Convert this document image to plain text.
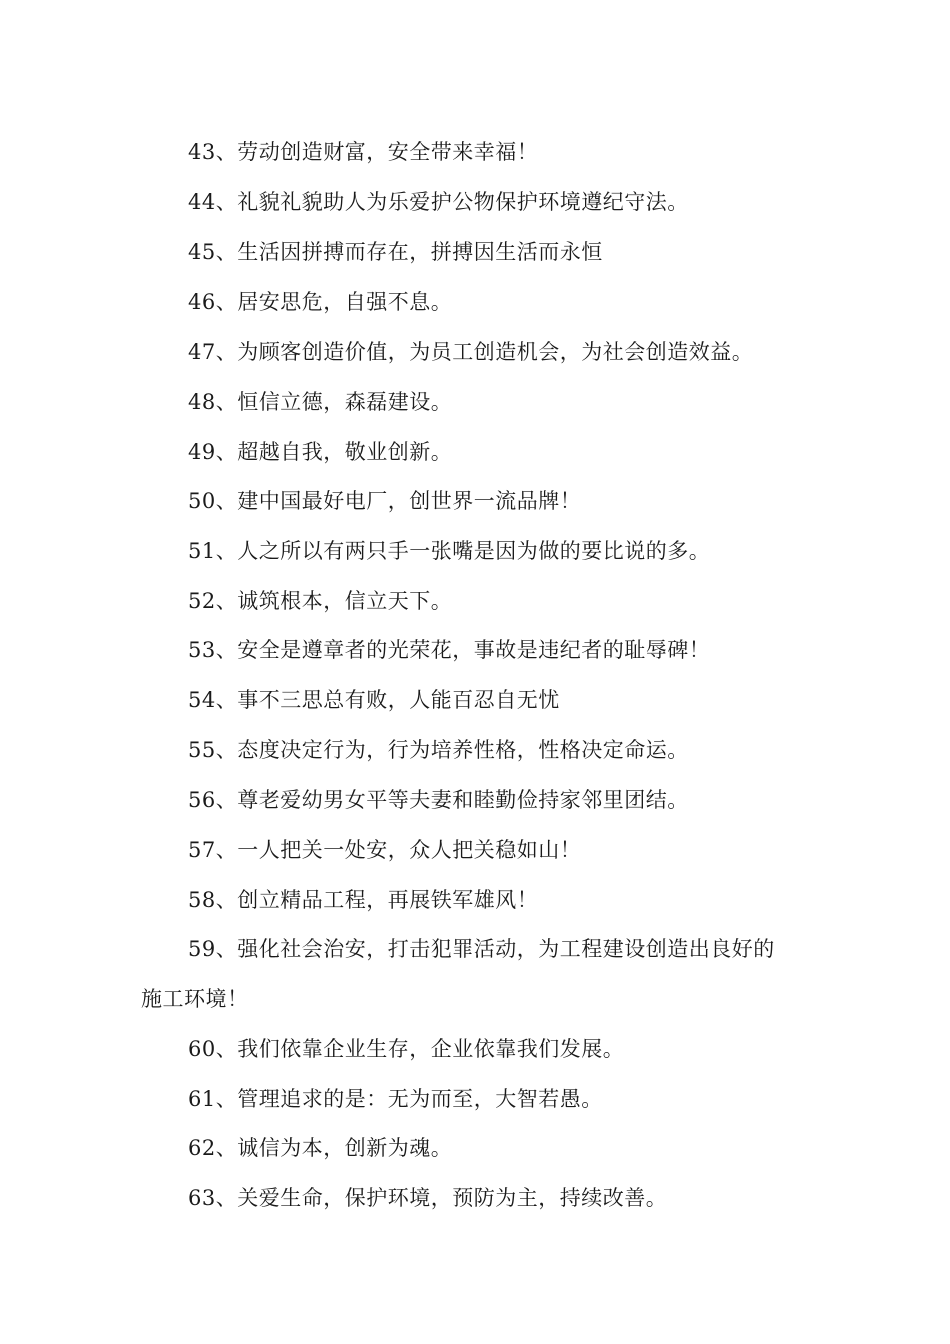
43、劳动创造财富，安全带来幸福！
44、礼貌礼貌助人为乐爱护公物保护环境遵纪守法。
45、生活因拼搏而存在，拼搏因生活而永恒
46、居安思危，自强不息。
47、为顾客创造价值，为员工创造机会，为社会创造效益。
48、恒信立德，森磊建设。
49、超越自我，敬业创新。
50、建中国最好电厂，创世界一流品牌！
51、人之所以有两只手一张嘴是因为做的要比说的多。
52、诚筑根本，信立天下。
53、安全是遵章者的光荣花，事故是违纪者的耻辱碑！
54、事不三思总有败，人能百忍自无忧
55、态度决定行为，行为培养性格，性格决定命运。
56、尊老爱幼男女平等夫妻和睦勤俭持家邻里团结。
57、一人把关一处安，众人把关稳如山！
58、创立精品工程，再展铁军雄风！
59、强化社会治安，打击犯罪活动，为工程建设创造出良好的
施工环境！
60、我们依靠企业生存，企业依靠我们发展。
61、管理追求的是：无为而至，大智若愚。
62、诚信为本，创新为魂。
63、关爱生命，保护环境，预防为主，持续改善。
